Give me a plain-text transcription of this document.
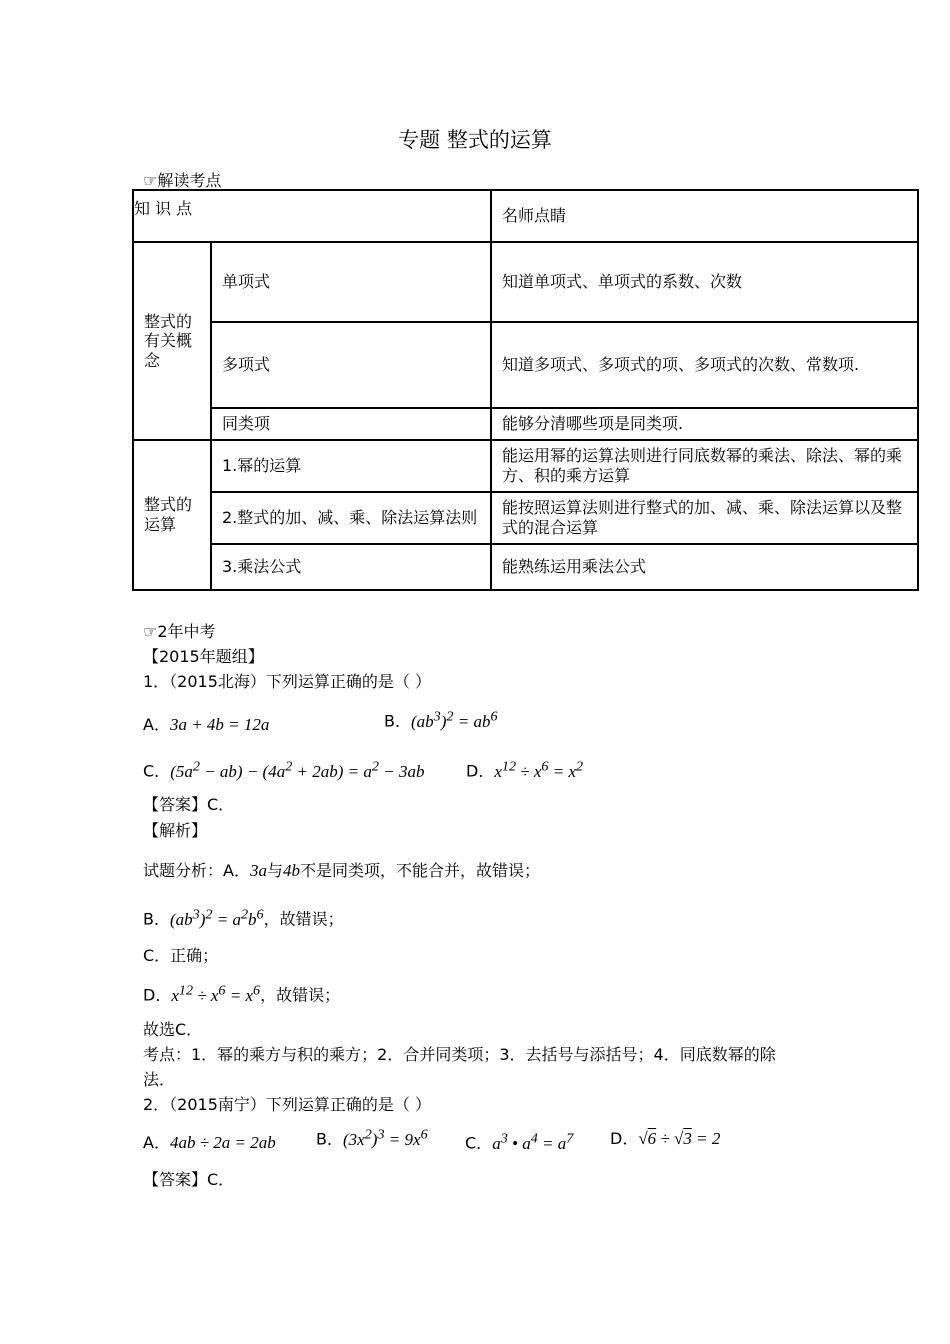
专题 整式的运算
☞解读考点
知 识 点		名师点睛
整式的有关概念	单项式	知道单项式、单项式的系数、次数
	多项式	知道多项式、多项式的项、多项式的次数、常数项.
	同类项	能够分清哪些项是同类项.
整式的运算	1.幂的运算	能运用幂的运算法则进行同底数幂的乘法、除法、幂的乘方、积的乘方运算
	2.整式的加、减、乘、除法运算法则	能按照运算法则进行整式的加、减、乘、除法运算以及整式的混合运算
	3.乘法公式	能熟练运用乘法公式
☞2年中考
【2015年题组】
1．（2015北海）下列运算正确的是（ ）
A．3a + 4b = 12a	B．$(ab^3)^2 = ab^6$
C．$(5a^2 - ab) - (4a^2 + 2ab) = a^2 - 3ab$	D．$x^{12} \div x^6 = x^2$
【答案】C．
【解析】
试题分析：A．3a与4b不是同类项，不能合并，故错误；
B．$(ab^3)^2 = a^2b^6$，故错误；
C．正确；
D．$x^{12} \div x^6 = x^6$，故错误；
故选C．
考点：1．幂的乘方与积的乘方；2．合并同类项；3．去括号与添括号；4．同底数幂的除
法．
2．（2015南宁）下列运算正确的是（ ）
A．4ab ÷ 2a = 2ab	B．$(3x^2)^3 = 9x^6$ C．$a^3$ • $a^4 = a^7$ D．√6 ÷ √3 = 2
【答案】C．
